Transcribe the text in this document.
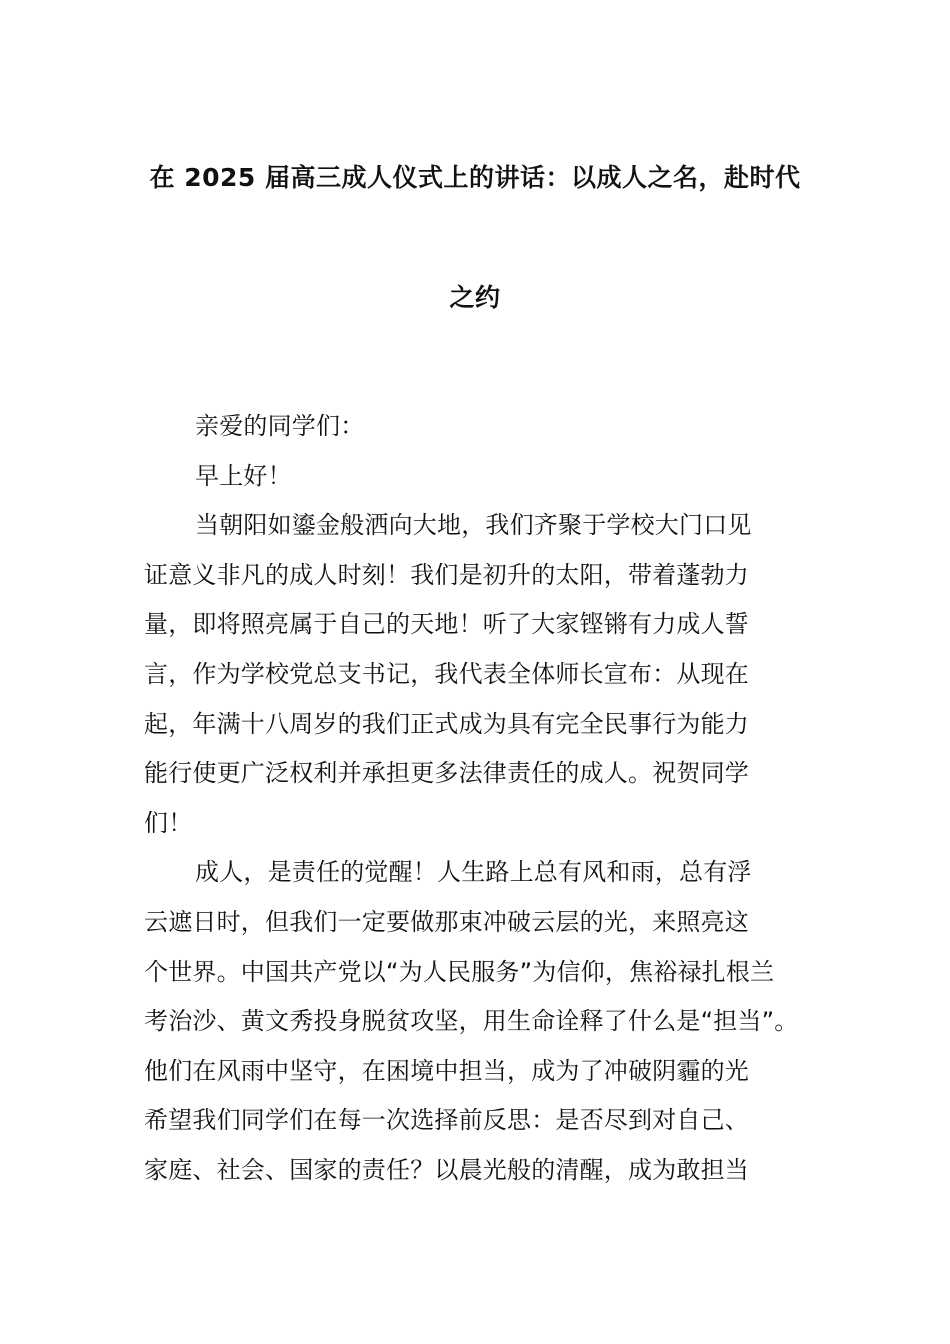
在 2025 届高三成人仪式上的讲话：以成人之名，赴时代
之约
亲爱的同学们：
早上好！
当朝阳如鎏金般洒向大地，我们齐聚于学校大门口见
证意义非凡的成人时刻！我们是初升的太阳，带着蓬勃力
量，即将照亮属于自己的天地！听了大家铿锵有力成人誓
言，作为学校党总支书记，我代表全体师长宣布：从现在
起，年满十八周岁的我们正式成为具有完全民事行为能力
能行使更广泛权利并承担更多法律责任的成人。祝贺同学
们！
成人，是责任的觉醒！人生路上总有风和雨，总有浮
云遮日时，但我们一定要做那束冲破云层的光，来照亮这
个世界。中国共产党以“为人民服务”为信仰，焦裕禄扎根兰
考治沙、黄文秀投身脱贫攻坚，用生命诠释了什么是“担当”。
他们在风雨中坚守，在困境中担当，成为了冲破阴霾的光
希望我们同学们在每一次选择前反思：是否尽到对自己、
家庭、社会、国家的责任？以晨光般的清醒，成为敢担当
